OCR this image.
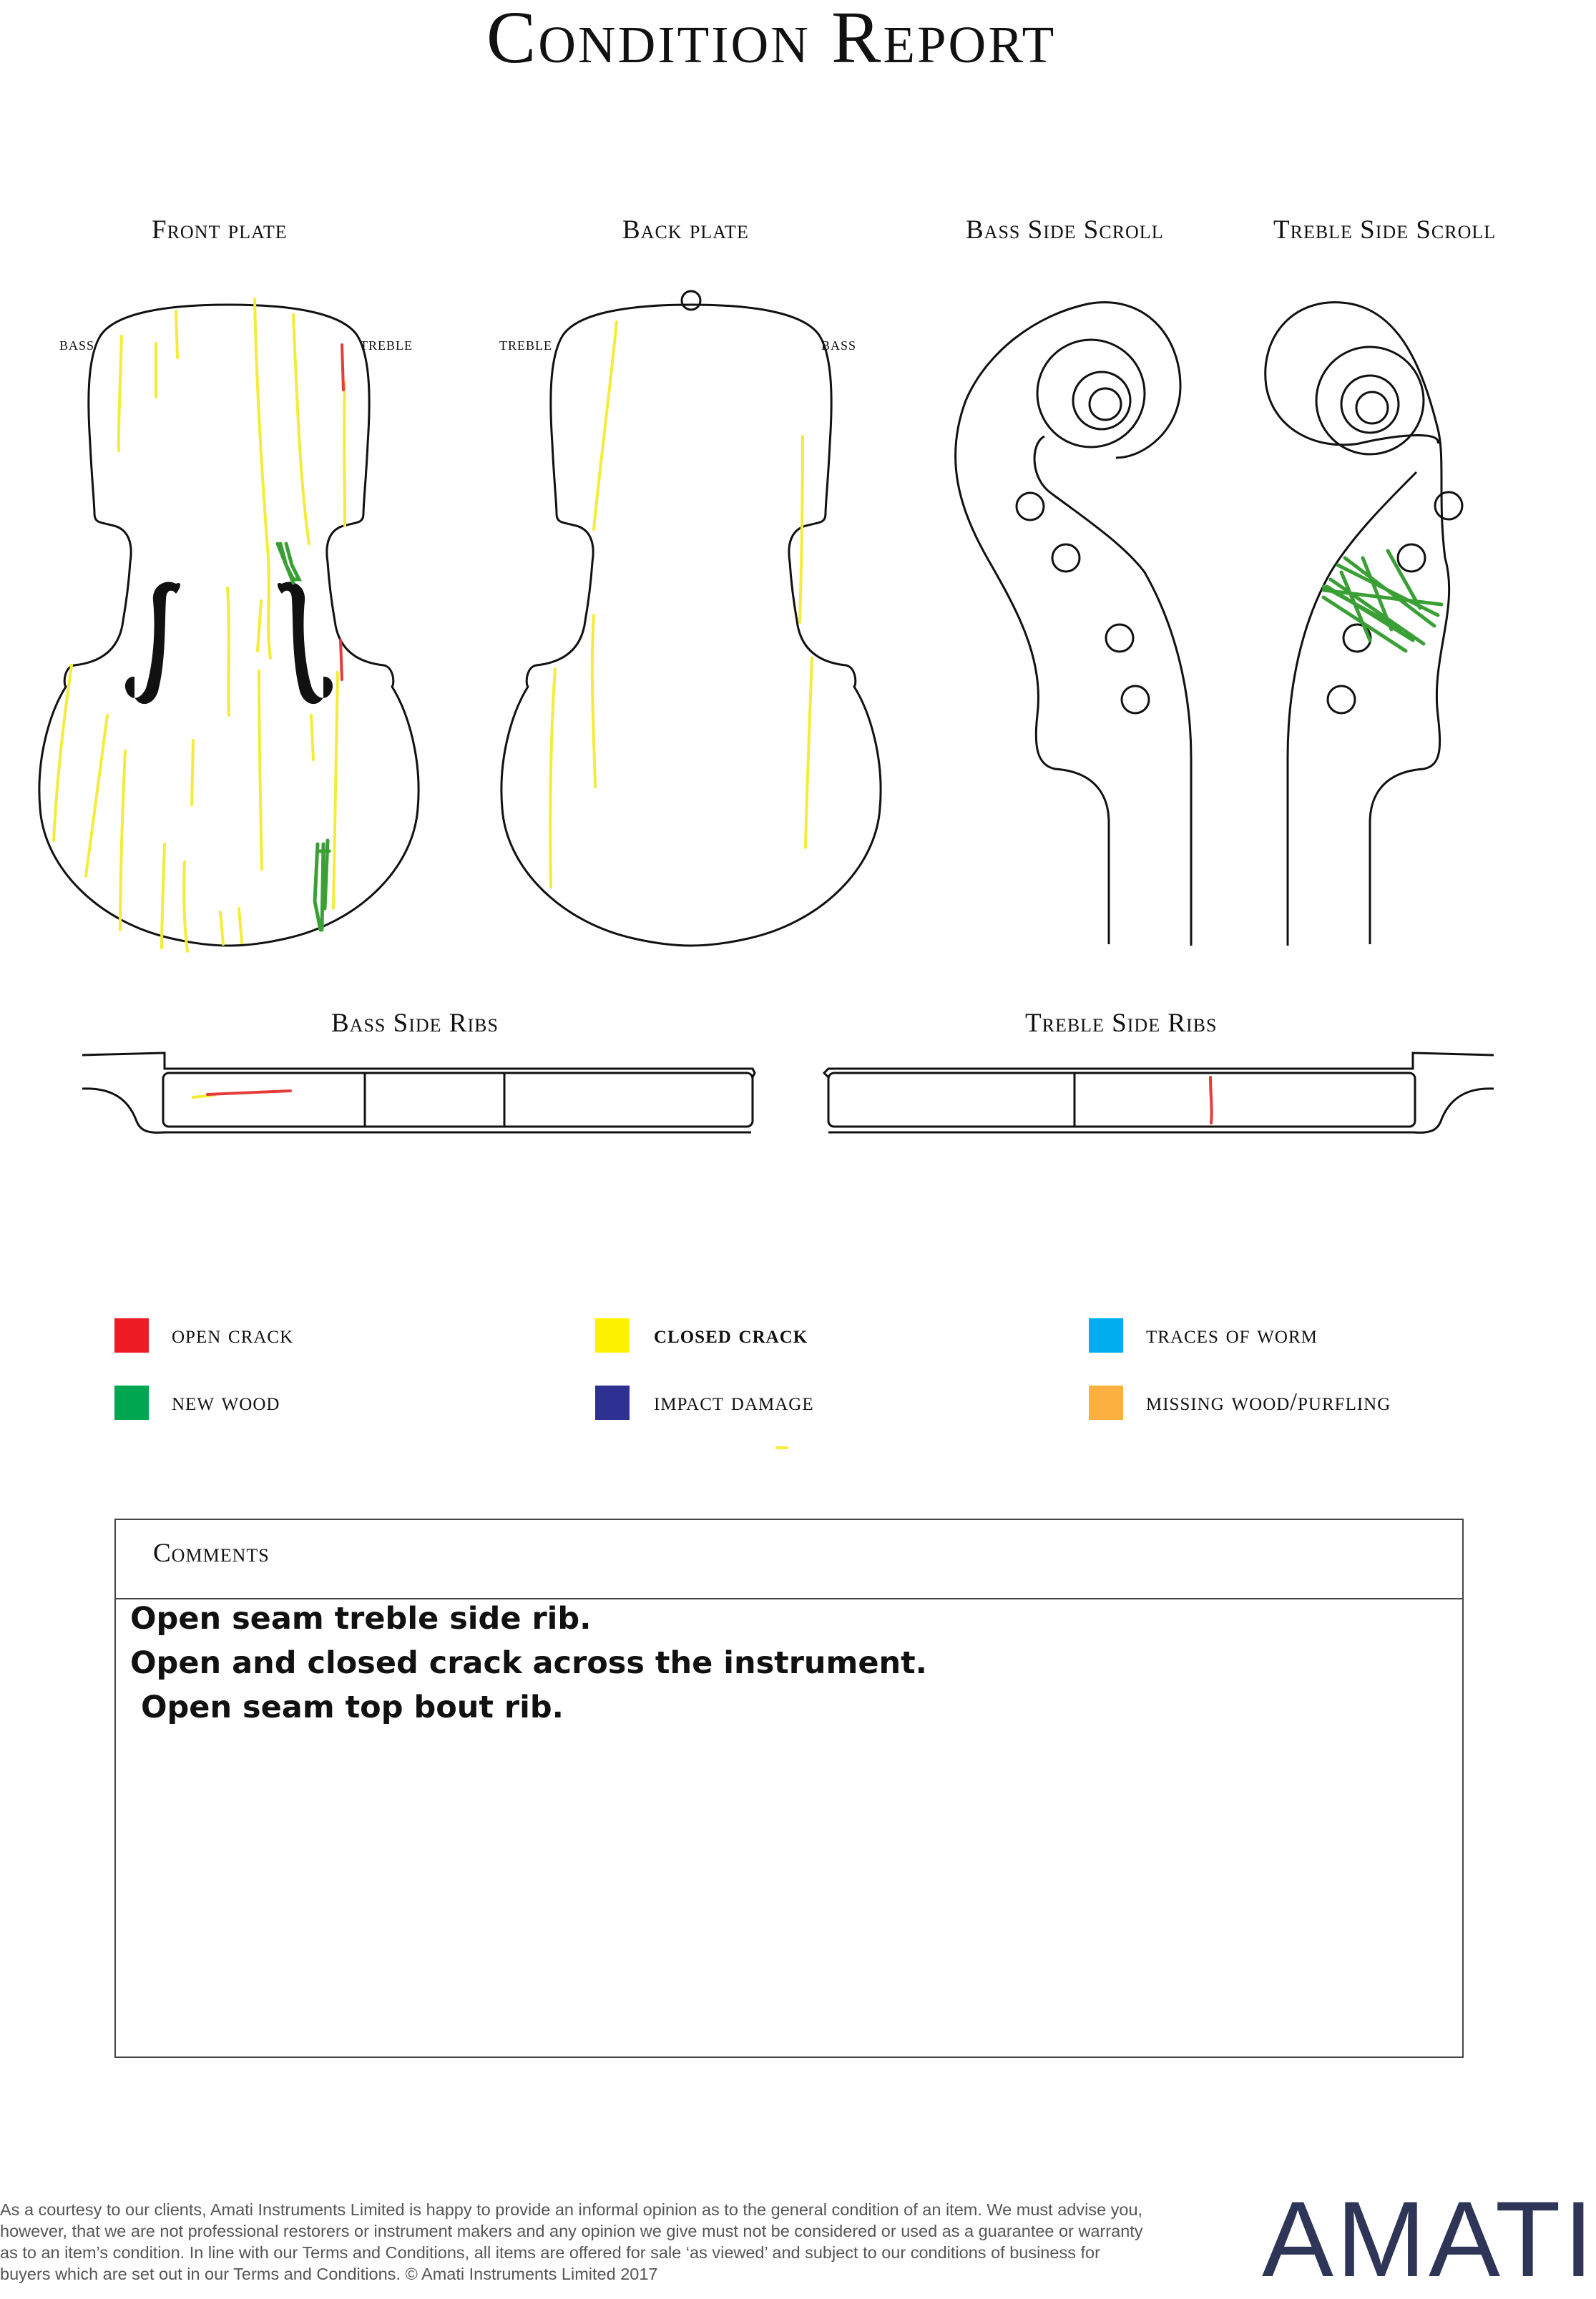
Condition Report
Front plate	Back plate	Bass Side Scroll	Treble Side Scroll
Bass Side Ribs	Treble Side Ribs
bass	treble	treble	bass
open crack	closed crack	traces of worm
new wood	impact damage	missing wood/purfling
Comments
Open seam treble side rib.
Open and closed crack across the instrument.
Open seam top bout rib.
As a courtesy to our clients, Amati Instruments Limited is happy to provide an informal opinion as to the general condition of an item. We must advise you, however, that we are not professional restorers or instrument makers and any opinion we give must not be considered or used as a guarantee or warranty as to an item’s condition. In line with our Terms and Conditions, all items are offered for sale ‘as viewed’ and subject to our conditions of business for buyers which are set out in our Terms and Conditions. © Amati Instruments Limited 2017	AMATI
